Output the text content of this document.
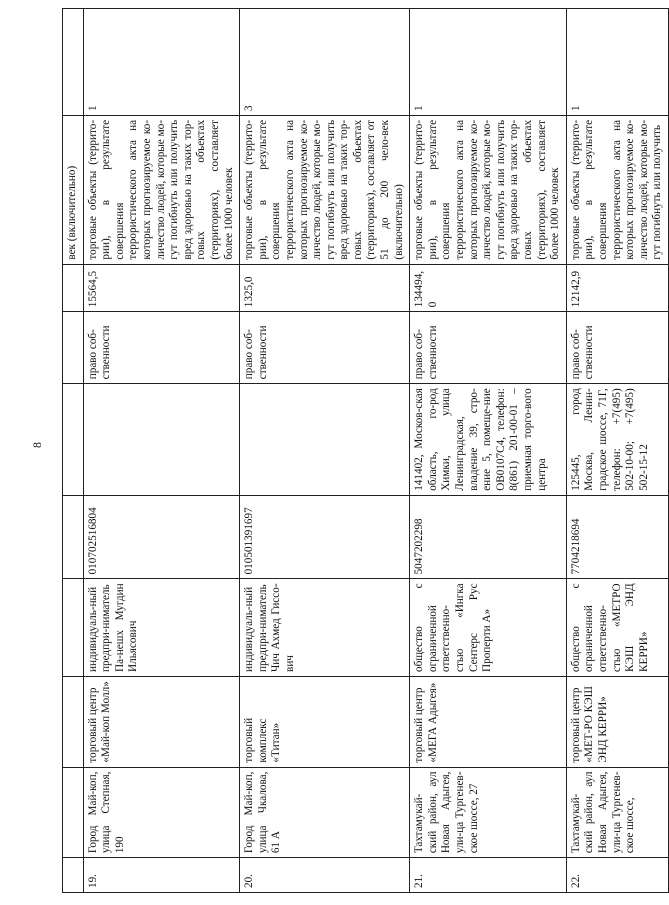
8
								век (включительно)	
19.	Город Май-коп, улица Степная, 190	торговый центр «Май-коп Молл»	индивидуаль-ный предпри-ниматель Па-нешх Мугдин Ильясович	010702516804		право соб-ственности	15564,5	торговые объекты (террито-рии), в результате совершения террористического акта на которых прогнозируемое ко-личество людей, которые мо-гут погибнуть или получить вред здоровью на таких тор-говых объектах (территориях), составляет более 1000 человек	1
20.	Город Май-коп, улица Чкалова, 61 А	торговый комплекс «Титан»	индивидуаль-ный предпри-ниматель Чич Ахмед Гиссо-вич	010501391697		право соб-ственности	1325,0	торговые объекты (террито-рии), в результате совершения террористического акта на которых прогнозируемое ко-личество людей, которые мо-гут погибнуть или получить вред здоровью на таких тор-говых объектах (территориях), составляет от 51 до 200 чело-век (включительно)	3
21.	Тахтамукай-ский район, аул Новая Адыгея, ули-ца Тургенев-ское шоссе, 27	торговый центр «МЕГА Адыгея»	общество с ограниченной ответственно-стью «Ингка Сентерс Рус Проперти А»	5047202298	141402, Москов-ская область, го-род Химки, улица Ленинградская, владение 39, стро-ение 5, помеще-ние ОВ0107С4, телефон: 8(861) 201-00-01 – приемная торго-вого центра	право соб-ственности	134494,0	торговые объекты (террито-рии), в результате совершения террористического акта на которых прогнозируемое ко-личество людей, которые мо-гут погибнуть или получить вред здоровью на таких тор-говых объектах (территориях), составляет более 1000 человек	1
22.	Тахтамукай-ский район, аул Новая Адыгея, ули-ца Тургенев-ское шоссе,	торговый центр «МЕТ-РО КЭШ ЭНД КЕРРИ»	общество с ограниченной ответственно-стью «МЕТРО КЭШ ЭНД КЕРРИ»	7704218694	125445, город Москва, Ленин-градское шоссе, 71Г, телефон: +7(495) 502-10-00; +7(495) 502-15-12	право соб-ственности	12142,9	торговые объекты (террито-рии), в результате совершения террористического акта на которых прогнозируемое ко-личество людей, которые мо-гут погибнуть или получить	1
